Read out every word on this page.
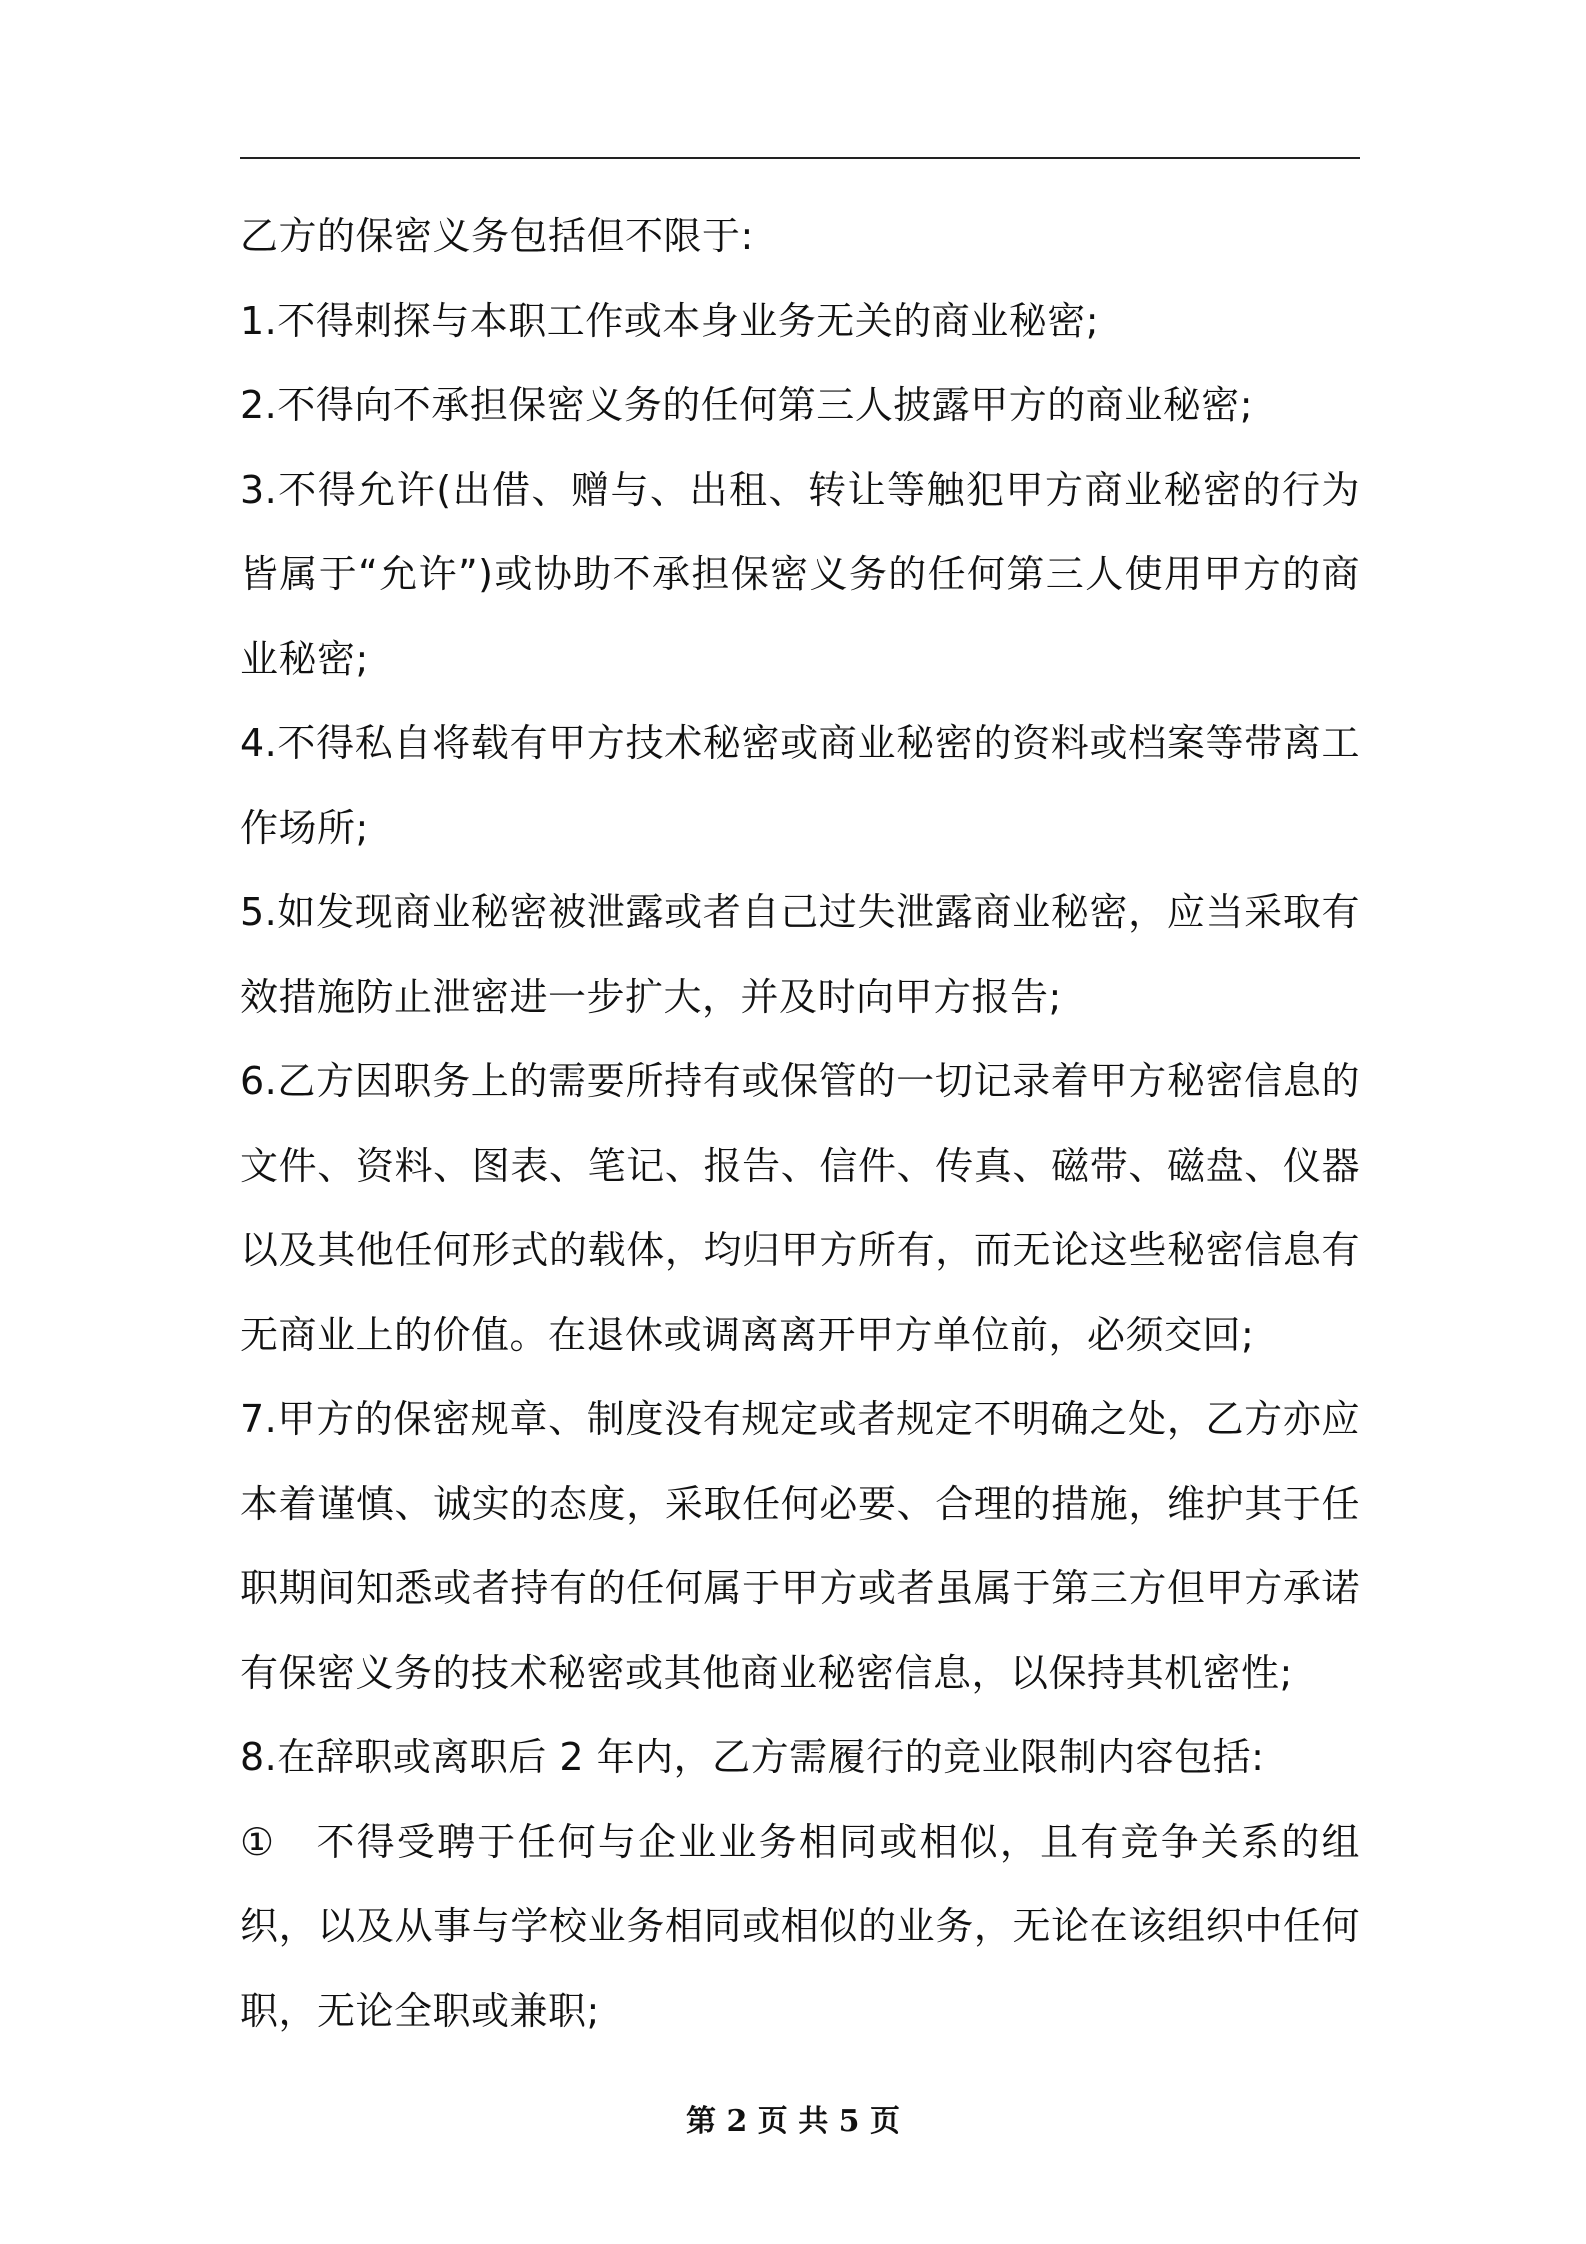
乙方的保密义务包括但不限于:

1.不得刺探与本职工作或本身业务无关的商业秘密;

2.不得向不承担保密义务的任何第三人披露甲方的商业秘密;

3.不得允许(出借、赠与、出租、转让等触犯甲方商业秘密的行为皆属于“允许”)或协助不承担保密义务的任何第三人使用甲方的商业秘密;

4.不得私自将载有甲方技术秘密或商业秘密的资料或档案等带离工作场所;

5.如发现商业秘密被泄露或者自己过失泄露商业秘密，应当采取有效措施防止泄密进一步扩大，并及时向甲方报告;

6.乙方因职务上的需要所持有或保管的一切记录着甲方秘密信息的文件、资料、图表、笔记、报告、信件、传真、磁带、磁盘、仪器以及其他任何形式的载体，均归甲方所有，而无论这些秘密信息有无商业上的价值。在退休或调离离开甲方单位前，必须交回;

7.甲方的保密规章、制度没有规定或者规定不明确之处，乙方亦应本着谨慎、诚实的态度，采取任何必要、合理的措施，维护其于任职期间知悉或者持有的任何属于甲方或者虽属于第三方但甲方承诺有保密义务的技术秘密或其他商业秘密信息，以保持其机密性;

8.在辞职或离职后 2 年内，乙方需履行的竞业限制内容包括:

①　不得受聘于任何与企业业务相同或相似，且有竞争关系的组织，以及从事与学校业务相同或相似的业务，无论在该组织中任何职，无论全职或兼职;

第 2 页 共 5 页
